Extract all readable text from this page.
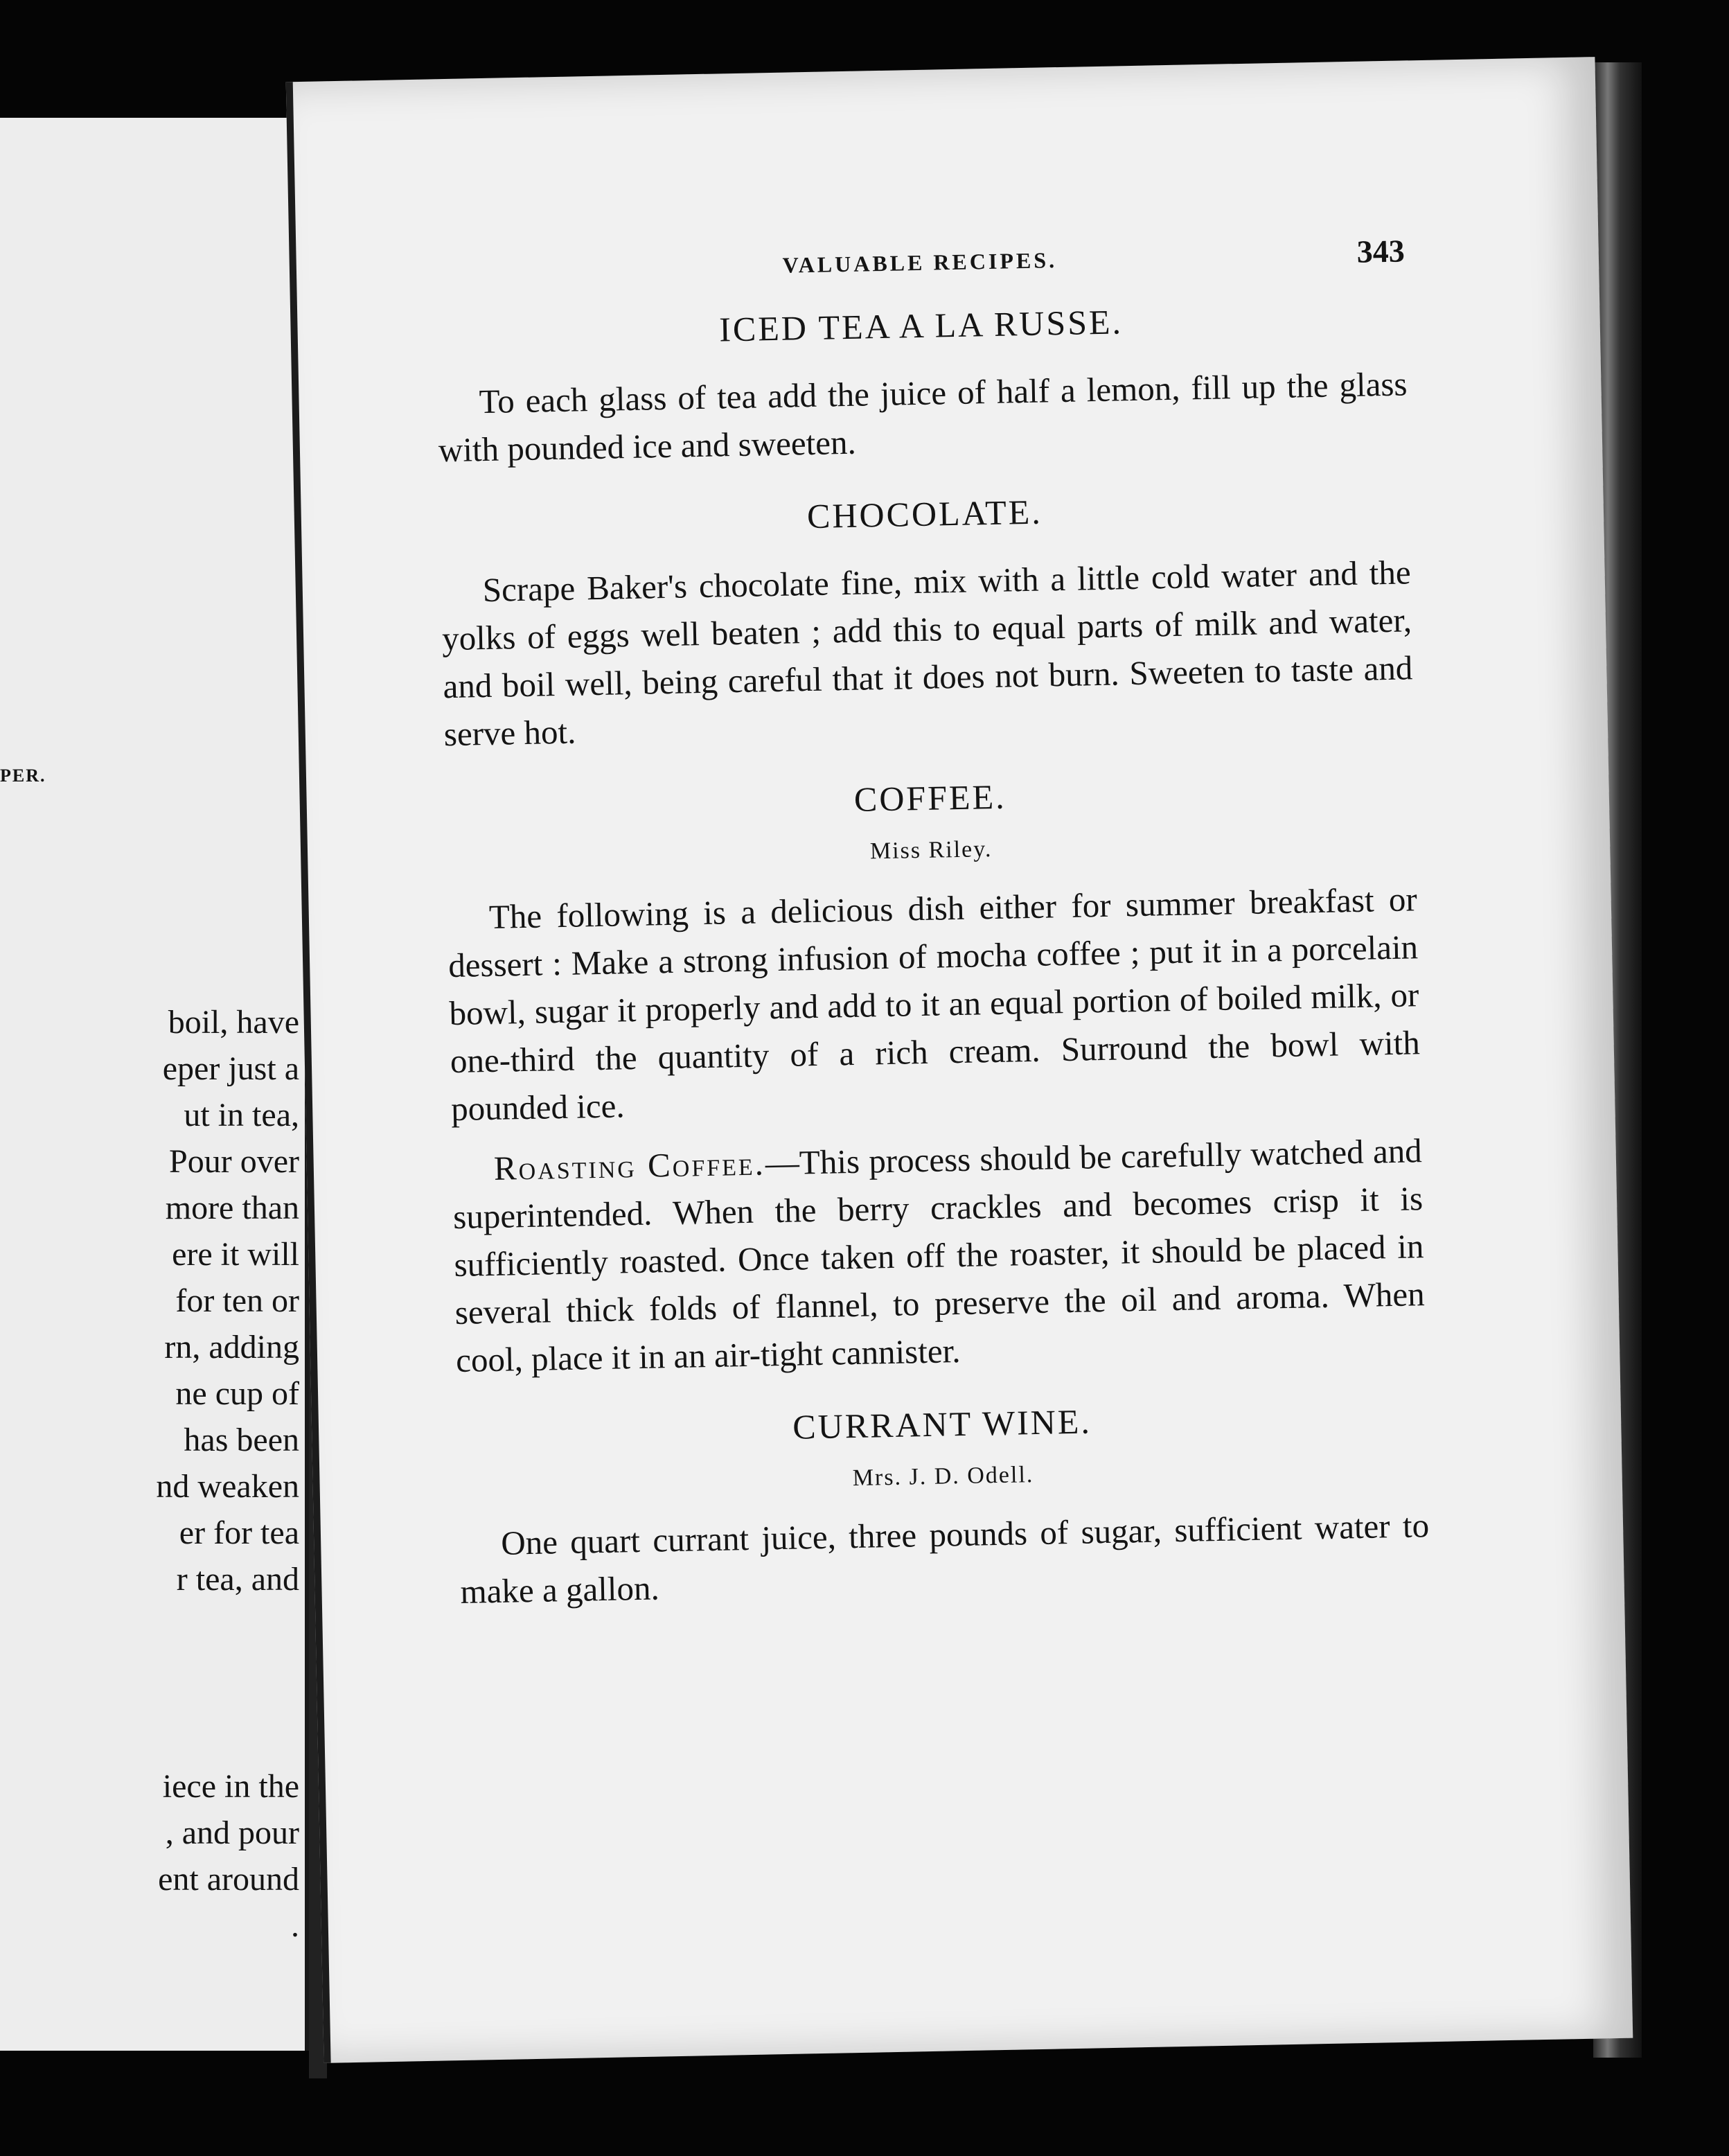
PER.
boil, have
eper just a
ut in tea,
Pour over
more than
ere it will
for ten or
rn, adding
ne cup of
has been
nd weaken
er for tea
r tea, and
iece in the
, and pour
ent around
.
VALUABLE RECIPES.	343
ICED TEA A LA RUSSE.

To each glass of tea add the juice of half a lemon, fill up the glass with pounded ice and sweeten.

CHOCOLATE.

Scrape Baker's chocolate fine, mix with a little cold water and the yolks of eggs well beaten ; add this to equal parts of milk and water, and boil well, being careful that it does not burn. Sweeten to taste and serve hot.

COFFEE.
Miss Riley.

The following is a delicious dish either for summer breakfast or dessert : Make a strong infusion of mocha coffee ; put it in a porcelain bowl, sugar it properly and add to it an equal portion of boiled milk, or one-third the quantity of a rich cream. Surround the bowl with pounded ice.

Roasting Coffee.—This process should be carefully watched and superintended. When the berry crackles and becomes crisp it is sufficiently roasted. Once taken off the roaster, it should be placed in several thick folds of flannel, to preserve the oil and aroma. When cool, place it in an air-tight cannister.

CURRANT WINE.
Mrs. J. D. Odell.

One quart currant juice, three pounds of sugar, sufficient water to make a gallon.
